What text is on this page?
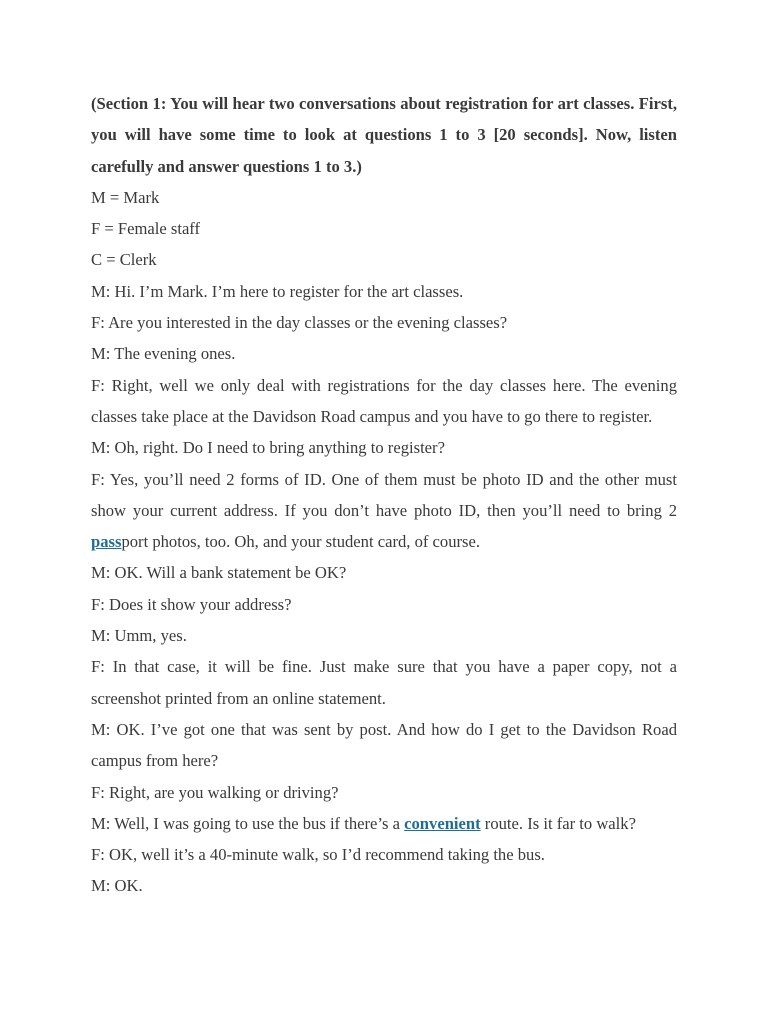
(Section 1: You will hear two conversations about registration for art classes. First, you will have some time to look at questions 1 to 3 [20 seconds]. Now, listen carefully and answer questions 1 to 3.)

M = Mark

F = Female staff

C = Clerk

M: Hi. I’m Mark. I’m here to register for the art classes.

F: Are you interested in the day classes or the evening classes?

M: The evening ones.

F: Right, well we only deal with registrations for the day classes here. The evening classes take place at the Davidson Road campus and you have to go there to register.

M: Oh, right. Do I need to bring anything to register?

F: Yes, you’ll need 2 forms of ID. One of them must be photo ID and the other must show your current address. If you don’t have photo ID, then you’ll need to bring 2 passport photos, too. Oh, and your student card, of course.

M: OK. Will a bank statement be OK?

F: Does it show your address?

M: Umm, yes.

F: In that case, it will be fine. Just make sure that you have a paper copy, not a screenshot printed from an online statement.

M: OK. I’ve got one that was sent by post. And how do I get to the Davidson Road campus from here?

F: Right, are you walking or driving?

M: Well, I was going to use the bus if there’s a convenient route. Is it far to walk?

F: OK, well it’s a 40-minute walk, so I’d recommend taking the bus.

M: OK.
